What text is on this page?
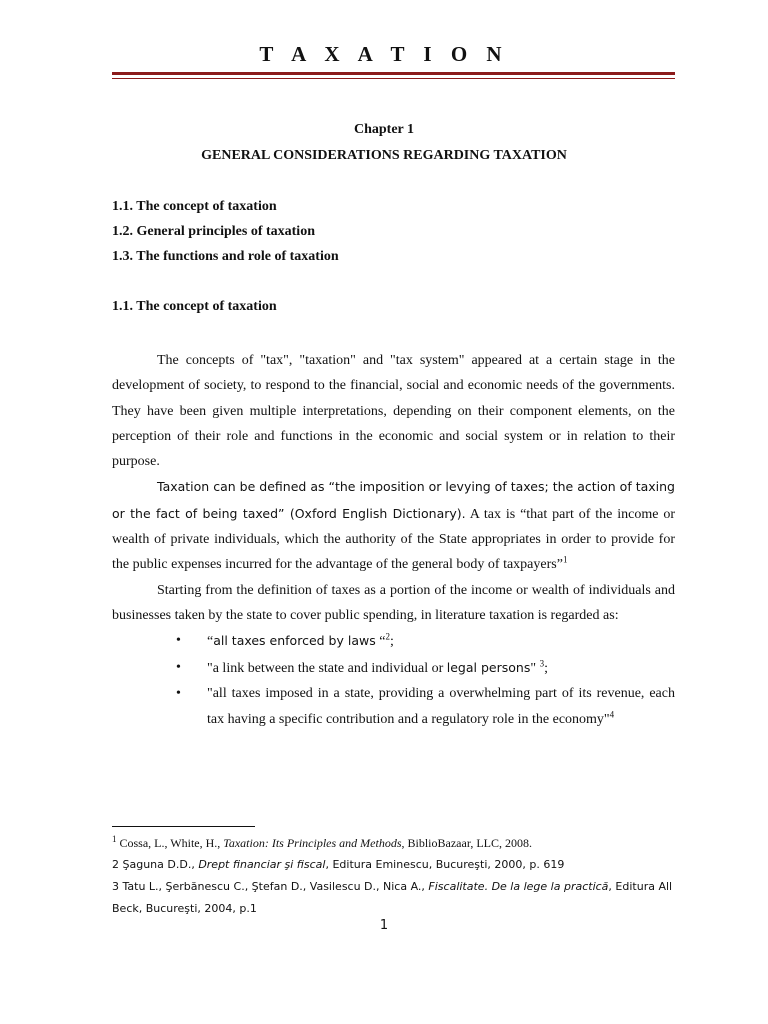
T A X A T I O N
Chapter 1
GENERAL CONSIDERATIONS REGARDING TAXATION
1.1. The concept of taxation
1.2. General principles of taxation
1.3. The functions and role of taxation
1.1. The concept of taxation

The concepts of "tax", "taxation" and "tax system" appeared at a certain stage in the development of society, to respond to the financial, social and economic needs of the governments. They have been given multiple interpretations, depending on their component elements, on the perception of their role and functions in the economic and social system or in relation to their purpose.

Taxation can be defined as “the imposition or levying of taxes; the action of taxing or the fact of being taxed” (Oxford English Dictionary). A tax is “that part of the income or wealth of private individuals, which the authority of the State appropriates in order to provide for the public expenses incurred for the advantage of the general body of taxpayers”$^1$

Starting from the definition of taxes as a portion of the income or wealth of individuals and businesses taken by the state to cover public spending, in literature taxation is regarded as:

• “all taxes enforced by laws “$^2$;
• "a link between the state and individual or legal persons" $^3$;
• "all taxes imposed in a state, providing a overwhelming part of its revenue, each tax having a specific contribution and a regulatory role in the economy"$^4$
$^1$ Cossa, L., White, H., Taxation: Its Principles and Methods, BiblioBazaar, LLC, 2008.
2 Şaguna D.D., Drept financiar şi fiscal, Editura Eminescu, Bucureşti, 2000, p. 619
3 Tatu L., Şerbănescu C., Ştefan D., Vasilescu D., Nica A., Fiscalitate. De la lege la practică, Editura All Beck, Bucureşti, 2004, p.1
1
